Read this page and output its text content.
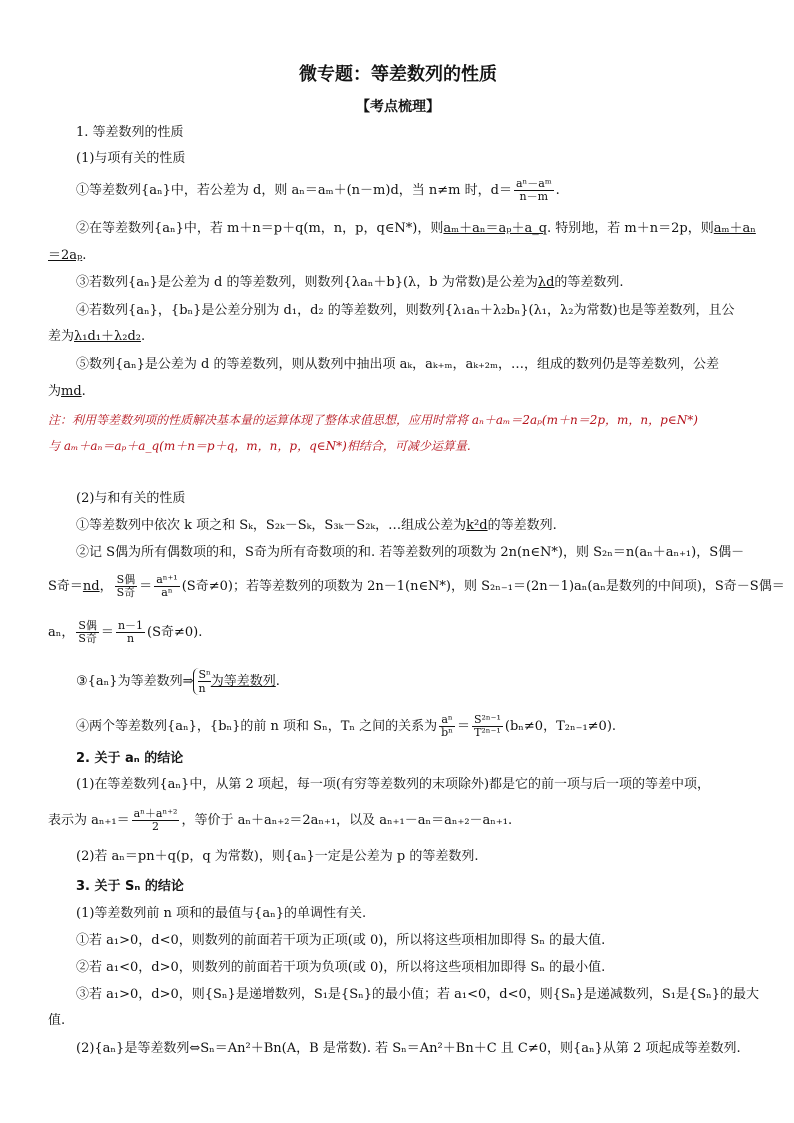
微专题：等差数列的性质
【考点梳理】
1. 等差数列的性质
(1)与项有关的性质
①等差数列{aₙ}中，若公差为 d，则 aₙ＝aₘ＋(n－m)d，当 n≠m 时，$d= \frac{\text{aⁿ－aᵐ}}{n-m}$ .
②在等差数列{aₙ}中，若 m＋n＝p＋q(m，n，p，q∈N*)，则aₘ＋aₙ＝aₚ＋a_q. 特别地，若 m＋n＝2p，则aₘ＋aₙ
＝2aₚ.
③若数列{aₙ}是公差为 d 的等差数列，则数列{λaₙ＋b}(λ，b 为常数)是公差为λd的等差数列.
④若数列{aₙ}，{bₙ}是公差分别为 d₁，d₂ 的等差数列，则数列{λ₁aₙ＋λ₂bₙ}(λ₁，λ₂为常数)也是等差数列，且公
差为λ₁d₁＋λ₂d₂.
⑤数列{aₙ}是公差为 d 的等差数列，则从数列中抽出项 aₖ，aₖ₊ₘ，aₖ₊₂ₘ，…，组成的数列仍是等差数列，公差
为md.
注：利用等差数列项的性质解决基本量的运算体现了整体求值思想，应用时常将 aₙ＋aₘ＝2aₚ(m＋n＝2p，m，n，p∈N*)
与 aₘ＋aₙ＝aₚ＋a_q(m＋n＝p＋q，m，n，p，q∈N*)相结合，可减少运算量.
(2)与和有关的性质
①等差数列中依次 k 项之和 Sₖ，S₂ₖ－Sₖ，S₃ₖ－S₂ₖ，…组成公差为k²d的等差数列.
②记 S偶为所有偶数项的和，S奇为所有奇数项的和. 若等差数列的项数为 2n(n∈N*)，则 S₂ₙ＝n(aₙ＋aₙ₊₁)，S偶－
S奇＝nd， $\frac{\text{S偶}}{\text{S奇}} = \frac{\text{aⁿ⁺¹}}{\text{aⁿ}} (S$奇≠0)；若等差数列的项数为 2n－1(n∈N*)，则 S₂ₙ₋₁＝(2n－1)aₙ(aₙ是数列的中间项)，S奇－S偶＝
aₙ， $\frac{\text{S偶}}{\text{S奇}} = \frac{n-1}{n} (S$奇≠0).
③{aₙ}为等差数列⇒ $\frac{\text{Sⁿ}}{n}$ 为等差数列.
④两个等差数列{aₙ}，{bₙ}的前 n 项和 Sₙ，Tₙ 之间的关系为 $\frac{\text{aⁿ}}{\text{bⁿ}} = \frac{\text{S²ⁿ⁻¹}}{\text{T²ⁿ⁻¹}} (b_n\ne 0$，T₂ₙ₋₁≠0).
2. 关于 aₙ 的结论
(1)在等差数列{aₙ}中，从第 2 项起，每一项(有穷等差数列的末项除外)都是它的前一项与后一项的等差中项，
表示为 $a_{n+1}= \frac{\text{aⁿ＋aⁿ⁺²}}{2}$ ，等价于 aₙ＋aₙ₊₂＝2aₙ₊₁，以及 aₙ₊₁－aₙ＝aₙ₊₂－aₙ₊₁.
(2)若 aₙ＝pn＋q(p，q 为常数)，则{aₙ}一定是公差为 p 的等差数列.
3. 关于 Sₙ 的结论
(1)等差数列前 n 项和的最值与{aₙ}的单调性有关.
①若 a₁>0，d<0，则数列的前面若干项为正项(或 0)，所以将这些项相加即得 Sₙ 的最大值.
②若 a₁<0，d>0，则数列的前面若干项为负项(或 0)，所以将这些项相加即得 Sₙ 的最小值.
③若 a₁>0，d>0，则{Sₙ}是递增数列，S₁是{Sₙ}的最小值；若 a₁<0，d<0，则{Sₙ}是递减数列，S₁是{Sₙ}的最大
值.
(2){aₙ}是等差数列⇔Sₙ＝An²＋Bn(A，B 是常数). 若 Sₙ＝An²＋Bn＋C 且 C≠0，则{aₙ}从第 2 项起成等差数列.
